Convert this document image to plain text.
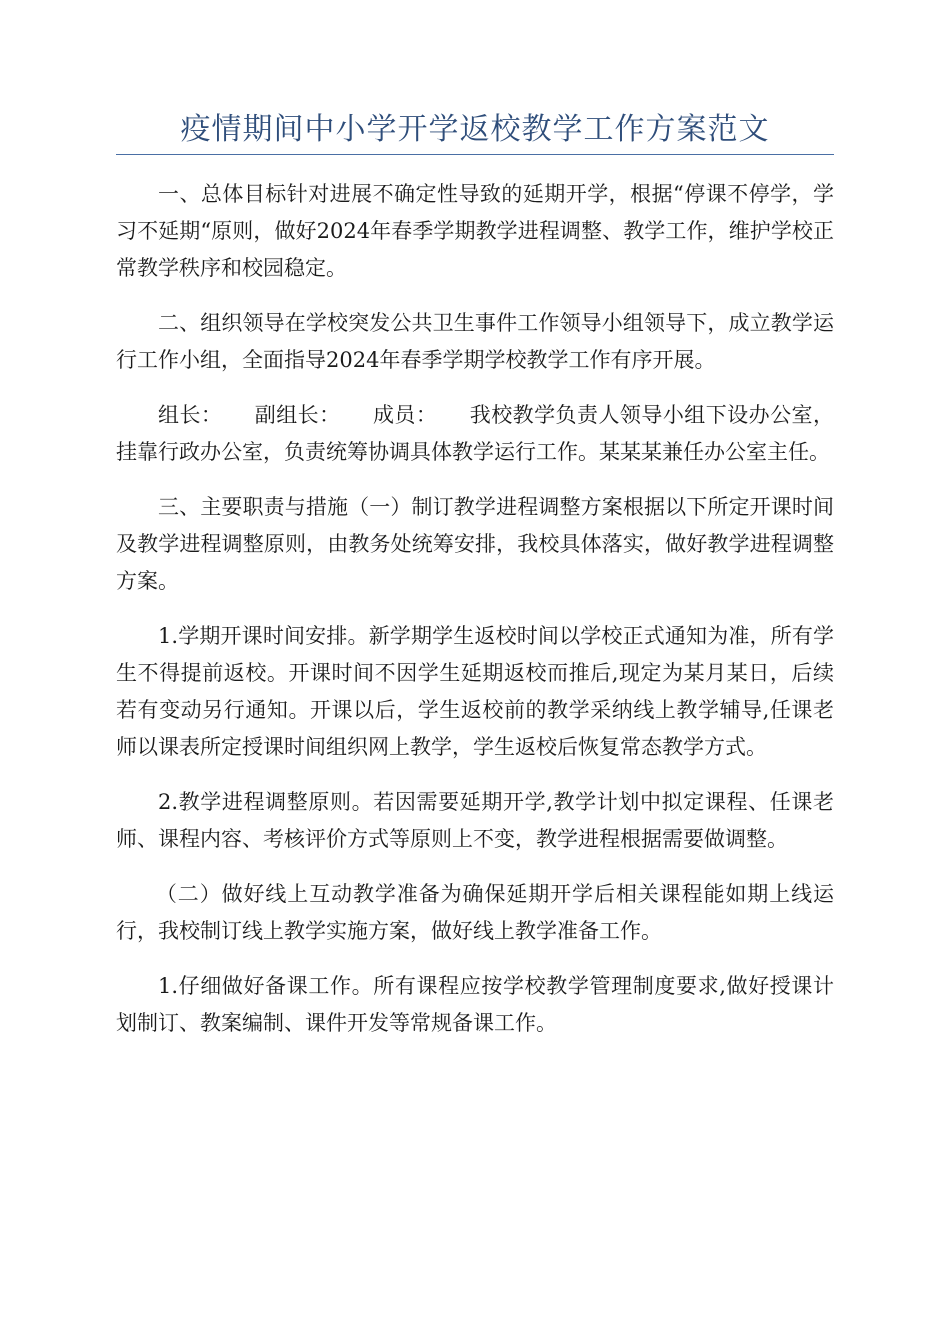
疫情期间中小学开学返校教学工作方案范文

一、总体目标针对进展不确定性导致的延期开学，根据“停课不停学，学习不延期“原则，做好2024年春季学期教学进程调整、教学工作，维护学校正常教学秩序和校园稳定。

二、组织领导在学校突发公共卫生事件工作领导小组领导下，成立教学运行工作小组，全面指导2024年春季学期学校教学工作有序开展。

组长：　　副组长：　　成员：　　我校教学负责人领导小组下设办公室，挂靠行政办公室，负责统筹协调具体教学运行工作。某某某兼任办公室主任。

三、主要职责与措施（一）制订教学进程调整方案根据以下所定开课时间及教学进程调整原则，由教务处统筹安排，我校具体落实，做好教学进程调整方案。

1.学期开课时间安排。新学期学生返校时间以学校正式通知为准，所有学生不得提前返校。开课时间不因学生延期返校而推后,现定为某月某日，后续若有变动另行通知。开课以后，学生返校前的教学采纳线上教学辅导,任课老师以课表所定授课时间组织网上教学，学生返校后恢复常态教学方式。

2.教学进程调整原则。若因需要延期开学,教学计划中拟定课程、任课老师、课程内容、考核评价方式等原则上不变，教学进程根据需要做调整。

（二）做好线上互动教学准备为确保延期开学后相关课程能如期上线运行，我校制订线上教学实施方案，做好线上教学准备工作。

1.仔细做好备课工作。所有课程应按学校教学管理制度要求,做好授课计划制订、教案编制、课件开发等常规备课工作。
